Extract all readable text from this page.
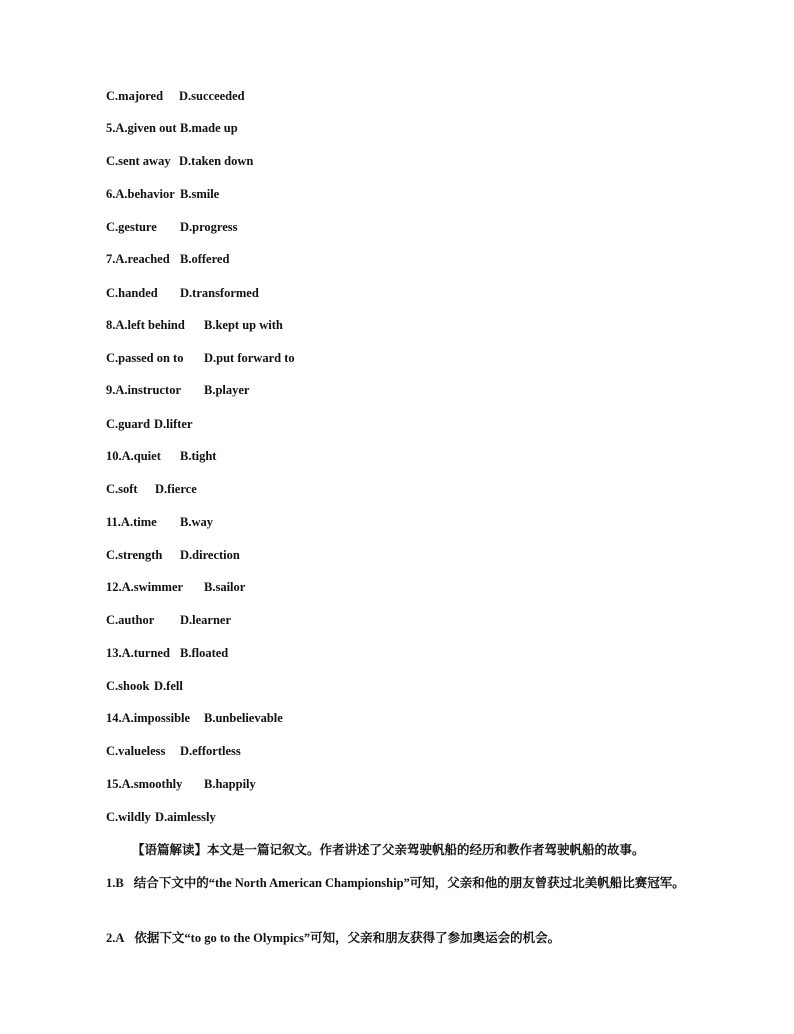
C.majored D.succeeded
5.A.given out B.made up
C.sent away D.taken down
6.A.behavior B.smile
C.gesture D.progress
7.A.reached B.offered
C.handed D.transformed
8.A.left behind B.kept up with
C.passed on to D.put forward to
9.A.instructor B.player
C.guard D.lifter
10.A.quiet B.tight
C.soft D.fierce
11.A.time B.way
C.strength D.direction
12.A.swimmer B.sailor
C.author D.learner
13.A.turned B.floated
C.shook D.fell
14.A.impossible B.unbelievable
C.valueless D.effortless
15.A.smoothly B.happily
C.wildly D.aimlessly
【语篇解读】本文是一篇记叙文。作者讲述了父亲驾驶帆船的经历和教作者驾驶帆船的故事。
1.B 结合下文中的“the North American Championship”可知，父亲和他的朋友曾获过北美帆船比赛冠军。
2.A 依据下文“to go to the Olympics”可知，父亲和朋友获得了参加奥运会的机会。
